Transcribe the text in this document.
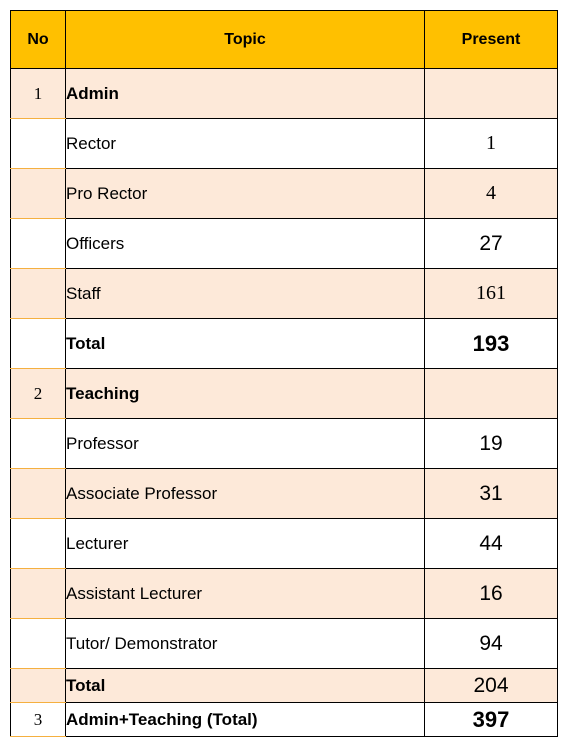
No	Topic	Present
1	Admin	
	Rector	1
	Pro Rector	4
	Officers	27
	Staff	161
	Total	193
2	Teaching	
	Professor	19
	Associate Professor	31
	Lecturer	44
	Assistant Lecturer	16
	Tutor/ Demonstrator	94
	Total	204
3	Admin+Teaching (Total)	397
